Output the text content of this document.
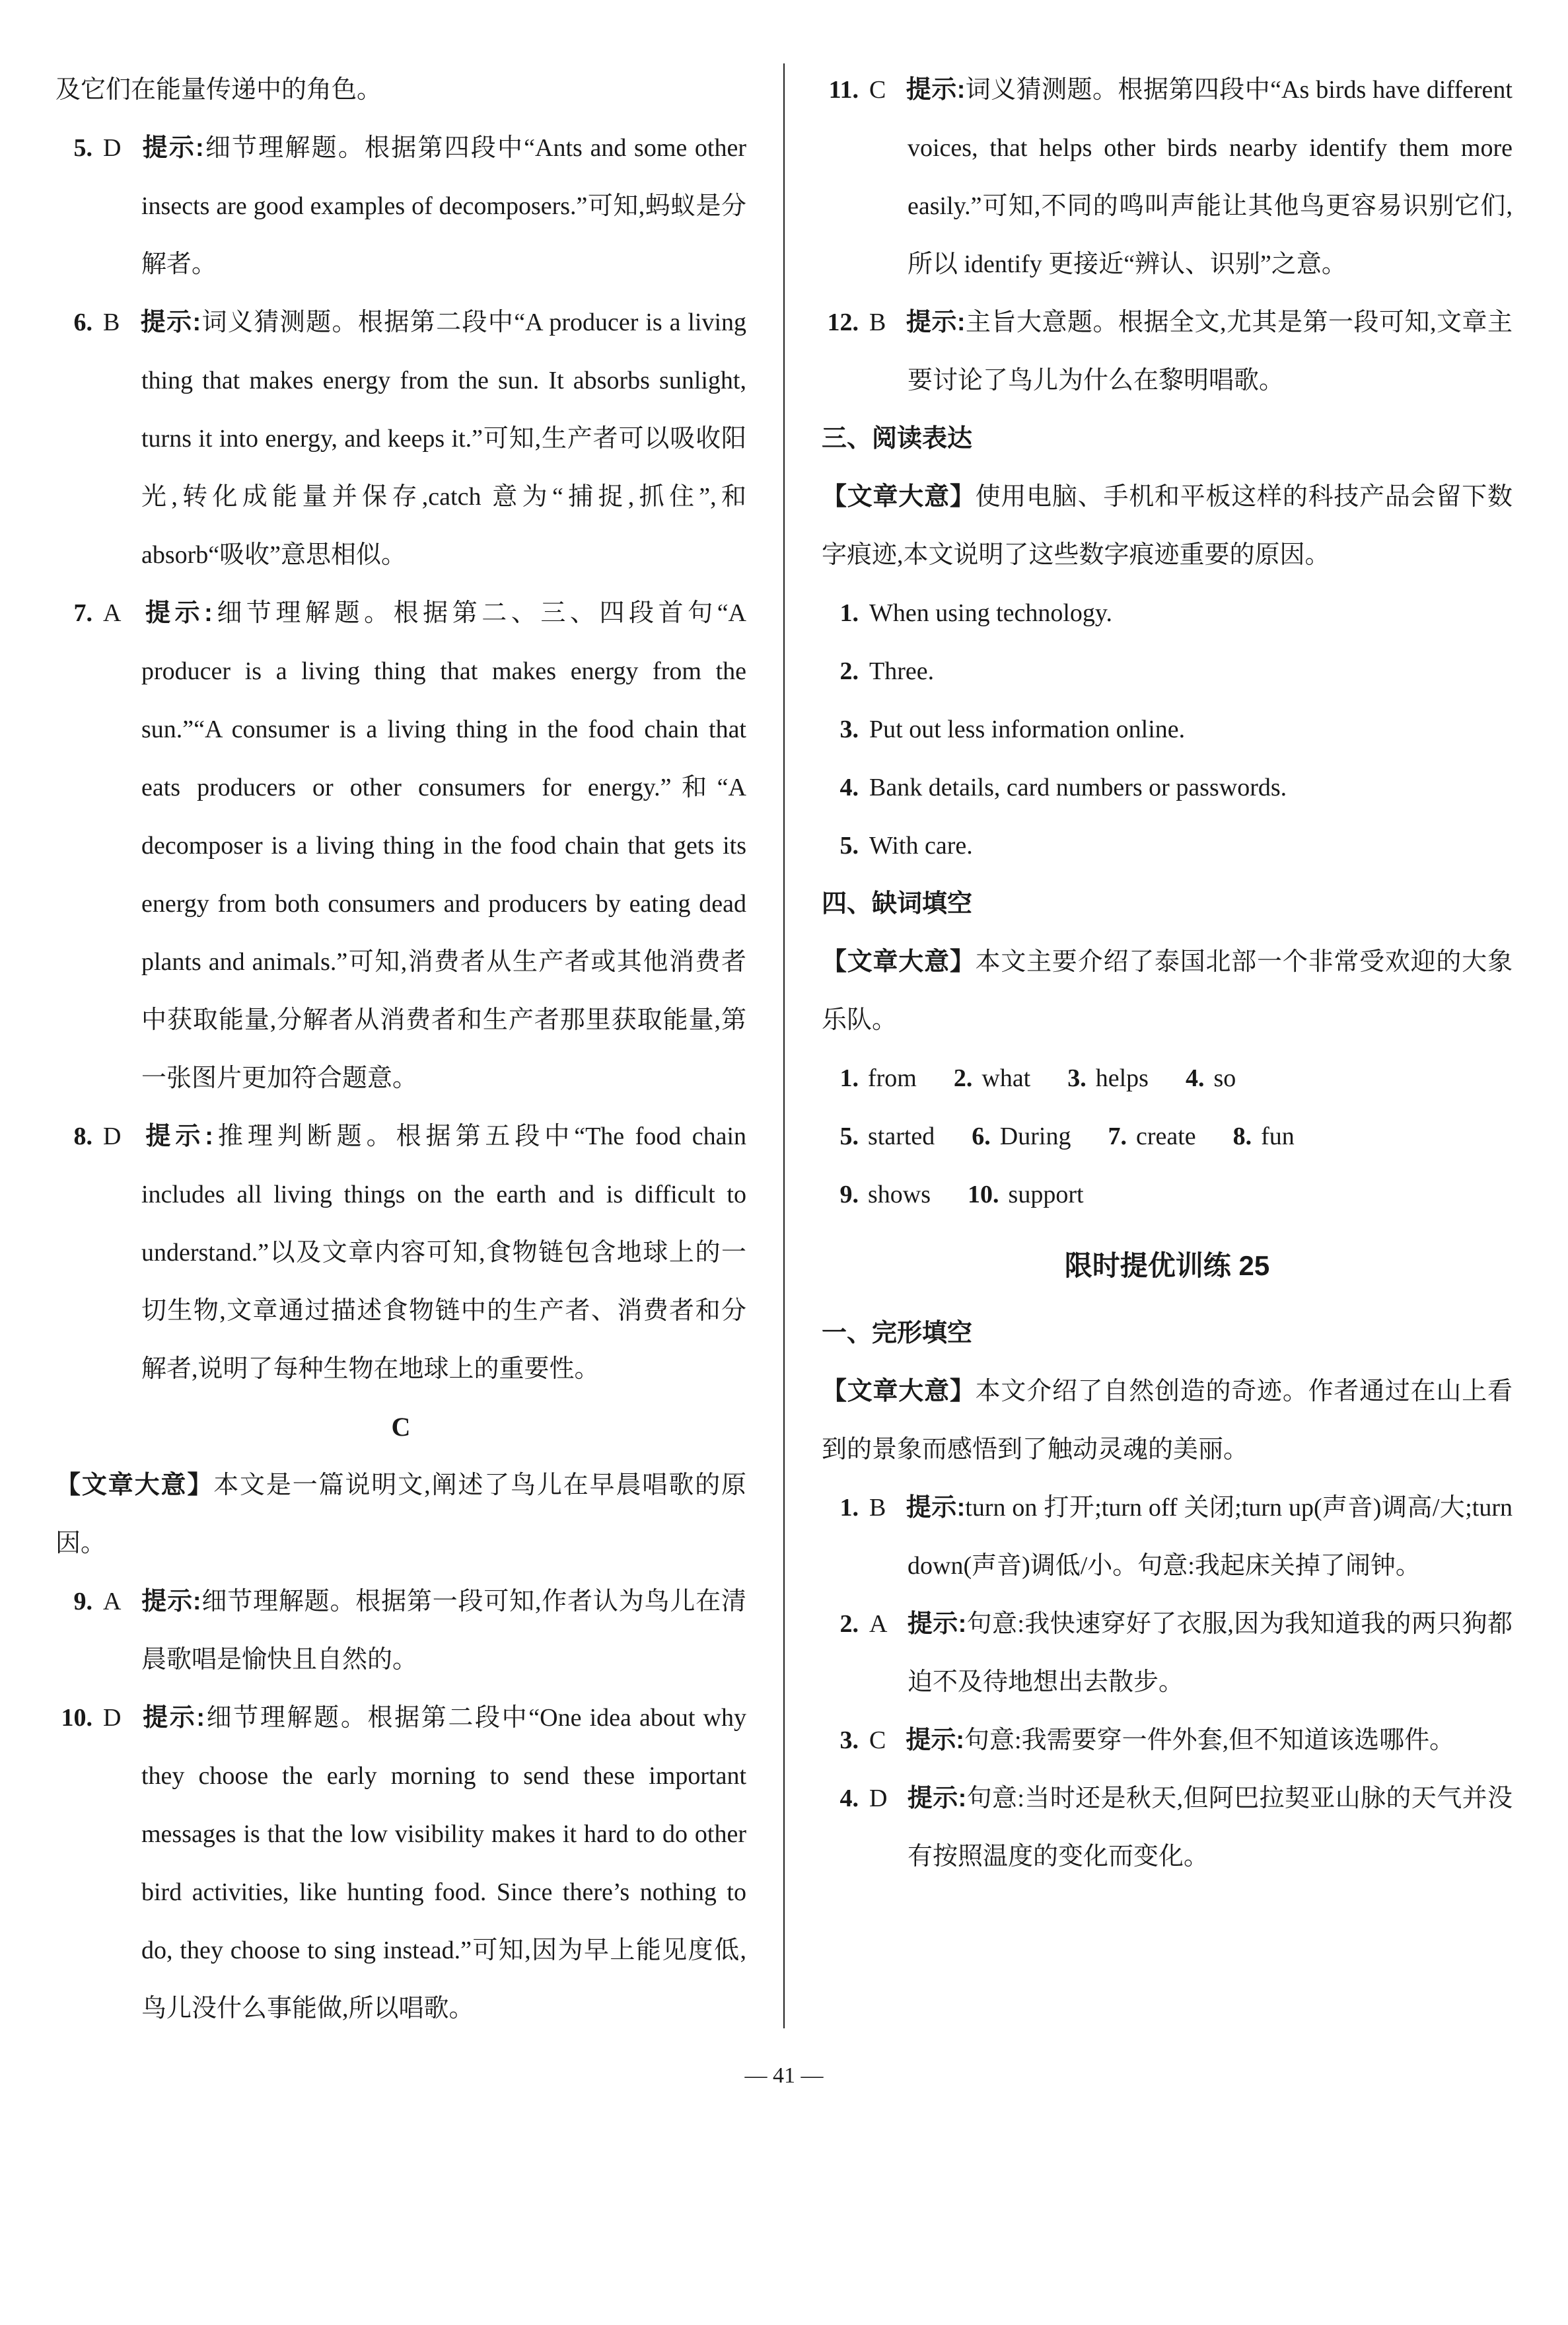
及它们在能量传递中的角色。

5. D 提示:细节理解题。根据第四段中“Ants and some other insects are good examples of decomposers.”可知,蚂蚁是分解者。
6. B 提示:词义猜测题。根据第二段中“A producer is a living thing that makes energy from the sun. It absorbs sunlight, turns it into energy, and keeps it.”可知,生产者可以吸收阳光,转化成能量并保存,catch 意为“捕捉,抓住”,和 absorb“吸收”意思相似。
7. A 提示:细节理解题。根据第二、三、四段首句“A producer is a living thing that makes energy from the sun.”“A consumer is a living thing in the food chain that eats producers or other consumers for energy.”和“A decomposer is a living thing in the food chain that gets its energy from both consumers and producers by eating dead plants and animals.”可知,消费者从生产者或其他消费者中获取能量,分解者从消费者和生产者那里获取能量,第一张图片更加符合题意。
8. D 提示:推理判断题。根据第五段中“The food chain includes all living things on the earth and is difficult to understand.”以及文章内容可知,食物链包含地球上的一切生物,文章通过描述食物链中的生产者、消费者和分解者,说明了每种生物在地球上的重要性。
C

【文章大意】本文是一篇说明文,阐述了鸟儿在早晨唱歌的原因。

9. A 提示:细节理解题。根据第一段可知,作者认为鸟儿在清晨歌唱是愉快且自然的。
10. D 提示:细节理解题。根据第二段中“One idea about why they choose the early morning to send these important messages is that the low visibility makes it hard to do other bird activities, like hunting food. Since there’s nothing to do, they choose to sing instead.”可知,因为早上能见度低,鸟儿没什么事能做,所以唱歌。
11. C 提示:词义猜测题。根据第四段中“As birds have different voices, that helps other birds nearby identify them more easily.”可知,不同的鸣叫声能让其他鸟更容易识别它们,所以 identify 更接近“辨认、识别”之意。
12. B 提示:主旨大意题。根据全文,尤其是第一段可知,文章主要讨论了鸟儿为什么在黎明唱歌。

三、阅读表达

【文章大意】使用电脑、手机和平板这样的科技产品会留下数字痕迹,本文说明了这些数字痕迹重要的原因。

1. When using technology.
2. Three.
3. Put out less information online.
4. Bank details, card numbers or passwords.
5. With care.

四、缺词填空

【文章大意】本文主要介绍了泰国北部一个非常受欢迎的大象乐队。

1. from 2. what 3. helps 4. so
5. started 6. During 7. create 8. fun
9. shows 10. support
限时提优训练 25

一、完形填空

【文章大意】本文介绍了自然创造的奇迹。作者通过在山上看到的景象而感悟到了触动灵魂的美丽。

1. B 提示:turn on 打开;turn off 关闭;turn up(声音)调高/大;turn down(声音)调低/小。句意:我起床关掉了闹钟。
2. A 提示:句意:我快速穿好了衣服,因为我知道我的两只狗都迫不及待地想出去散步。
3. C 提示:句意:我需要穿一件外套,但不知道该选哪件。
4. D 提示:句意:当时还是秋天,但阿巴拉契亚山脉的天气并没有按照温度的变化而变化。
— 41 —
